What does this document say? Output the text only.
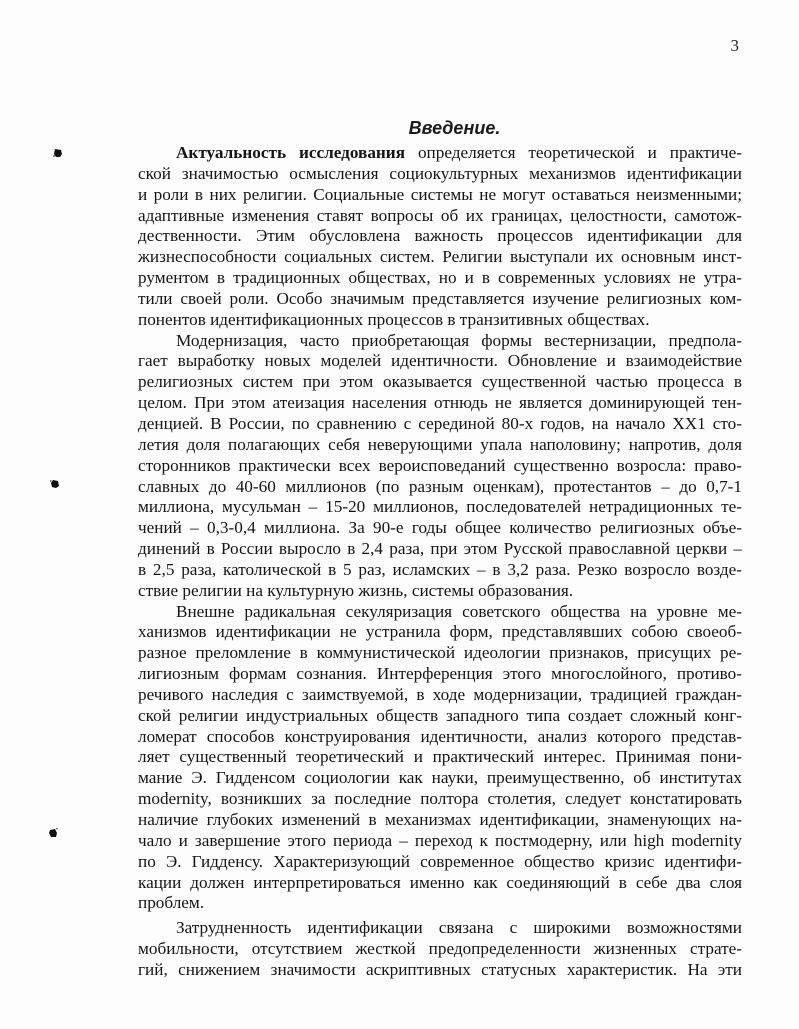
3
Введение.
Актуальность исследования определяется теоретической и практиче-
ской значимостью осмысления социокультурных механизмов идентификации
и роли в них религии. Социальные системы не могут оставаться неизменными;
адаптивные изменения ставят вопросы об их границах, целостности, самотож-
дественности. Этим обусловлена важность процессов идентификации для
жизнеспособности социальных систем. Религии выступали их основным инст-
рументом в традиционных обществах, но и в современных условиях не утра-
тили своей роли. Особо значимым представляется изучение религиозных ком-
понентов идентификационных процессов в транзитивных обществах.
Модернизация, часто приобретающая формы вестернизации, предпола-
гает выработку новых моделей идентичности. Обновление и взаимодействие
религиозных систем при этом оказывается существенной частью процесса в
целом. При этом атеизация населения отнюдь не является доминирующей тен-
денцией. В России, по сравнению с серединой 80-х годов, на начало XX1 сто-
летия доля полагающих себя неверующими упала наполовину; напротив, доля
сторонников практически всех вероисповеданий существенно возросла: право-
славных до 40-60 миллионов (по разным оценкам), протестантов – до 0,7-1
миллиона, мусульман – 15-20 миллионов, последователей нетрадиционных те-
чений – 0,3-0,4 миллиона. За 90-е годы общее количество религиозных объе-
динений в России выросло в 2,4 раза, при этом Русской православной церкви –
в 2,5 раза, католической в 5 раз, исламских – в 3,2 раза. Резко возросло возде-
ствие религии на культурную жизнь, системы образования.
Внешне радикальная секуляризация советского общества на уровне ме-
ханизмов идентификации не устранила форм, представлявших собою своеоб-
разное преломление в коммунистической идеологии признаков, присущих ре-
лигиозным формам сознания. Интерференция этого многослойного, противо-
речивого наследия с заимствуемой, в ходе модернизации, традицией граждан-
ской религии индустриальных обществ западного типа создает сложный конг-
ломерат способов конструирования идентичности, анализ которого представ-
ляет существенный теоретический и практический интерес. Принимая пони-
мание Э. Гидденсом социологии как науки, преимущественно, об институтах
modernity, возникших за последние полтора столетия, следует констатировать
наличие глубоких изменений в механизмах идентификации, знаменующих на-
чало и завершение этого периода – переход к постмодерну, или high modernity
по Э. Гидденсу. Характеризующий современное общество кризис идентифи-
кации должен интерпретироваться именно как соединяющий в себе два слоя
проблем.
Затрудненность идентификации связана с широкими возможностями
мобильности, отсутствием жесткой предопределенности жизненных страте-
гий, снижением значимости аскриптивных статусных характеристик. На эти
